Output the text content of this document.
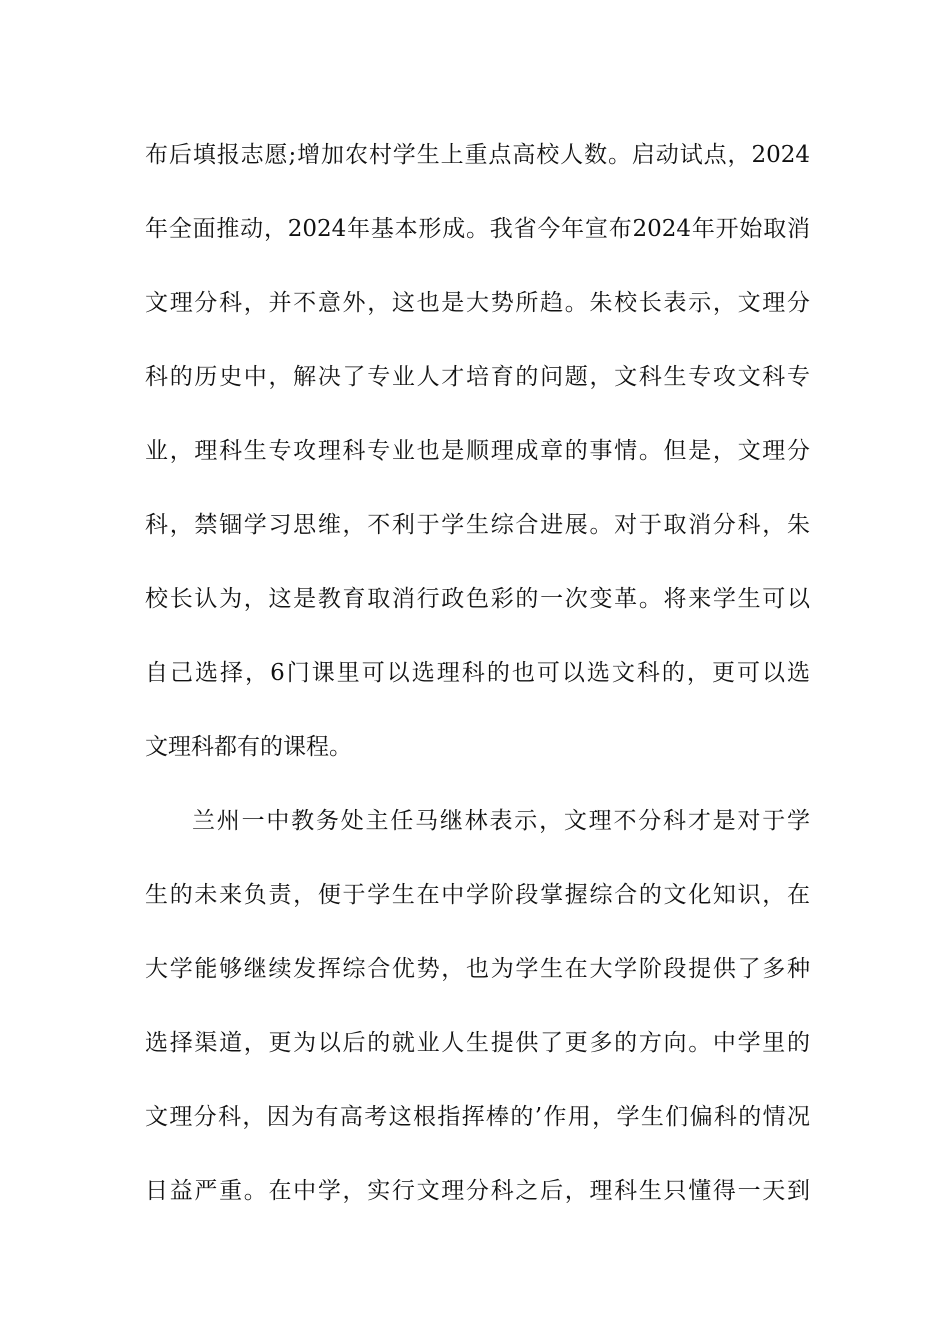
布后填报志愿;增加农村学生上重点高校人数。启动试点，2024
年全面推动，2024年基本形成。我省今年宣布2024年开始取消
文理分科，并不意外，这也是大势所趋。朱校长表示，文理分
科的历史中，解决了专业人才培育的问题，文科生专攻文科专
业，理科生专攻理科专业也是顺理成章的事情。但是，文理分
科，禁锢学习思维，不利于学生综合进展。对于取消分科，朱
校长认为，这是教育取消行政色彩的一次变革。将来学生可以
自己选择，6门课里可以选理科的也可以选文科的，更可以选
文理科都有的课程。
兰州一中教务处主任马继林表示，文理不分科才是对于学
生的未来负责，便于学生在中学阶段掌握综合的文化知识，在
大学能够继续发挥综合优势，也为学生在大学阶段提供了多种
选择渠道，更为以后的就业人生提供了更多的方向。中学里的
文理分科，因为有高考这根指挥棒的’作用，学生们偏科的情况
日益严重。在中学，实行文理分科之后，理科生只懂得一天到
